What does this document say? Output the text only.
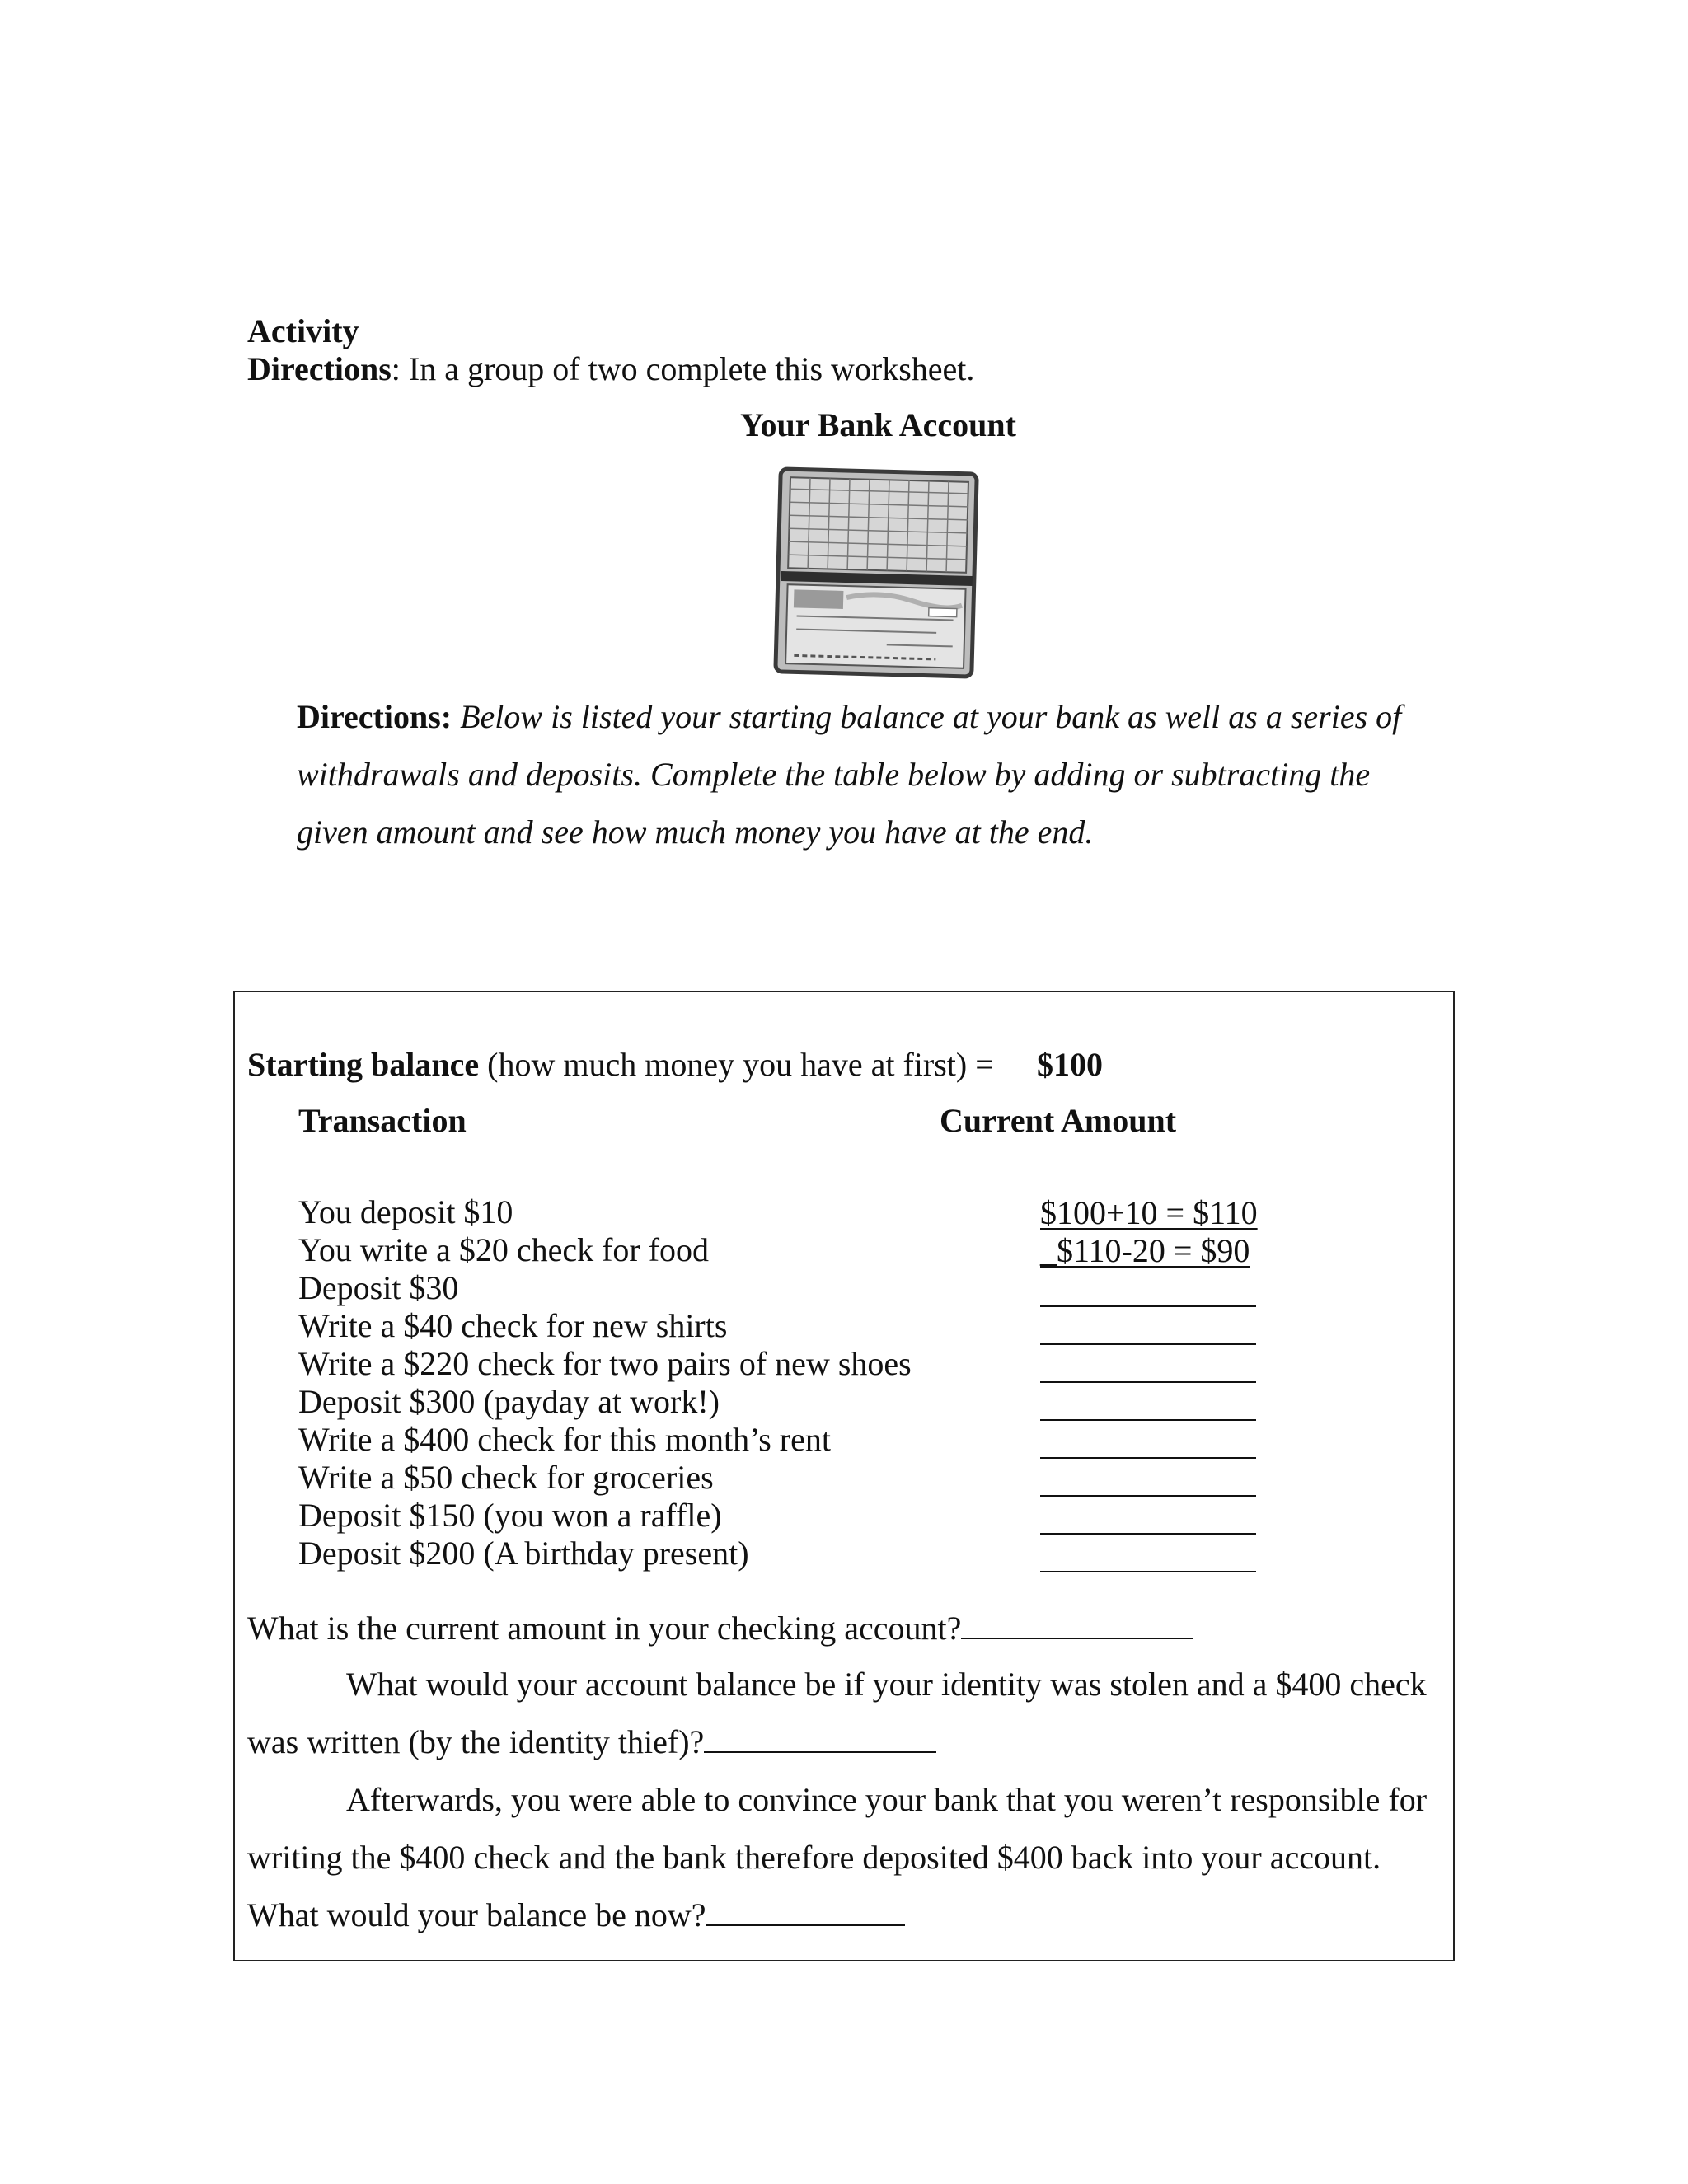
Activity
Directions: In a group of two complete this worksheet.
Your Bank Account
Directions: Below is listed your starting balance at your bank as well as a series of
withdrawals and deposits. Complete the table below by adding or subtracting the
given amount and see how much money you have at the end.
Starting balance (how much money you have at first) = $100
Transaction	Current Amount
You deposit $10
You write a $20 check for food
Deposit $30
Write a $40 check for new shirts
Write a $220 check for two pairs of new shoes
Deposit $300 (payday at work!)
Write a $400 check for this month’s rent
Write a $50 check for groceries
Deposit $150 (you won a raffle)
Deposit $200 (A birthday present)
$100+10 = $110
_$110-20 = $90
What is the current amount in your checking account?
What would your account balance be if your identity was stolen and a $400 check
was written (by the identity thief)?
Afterwards, you were able to convince your bank that you weren’t responsible for
writing the $400 check and the bank therefore deposited $400 back into your account.
What would your balance be now?
